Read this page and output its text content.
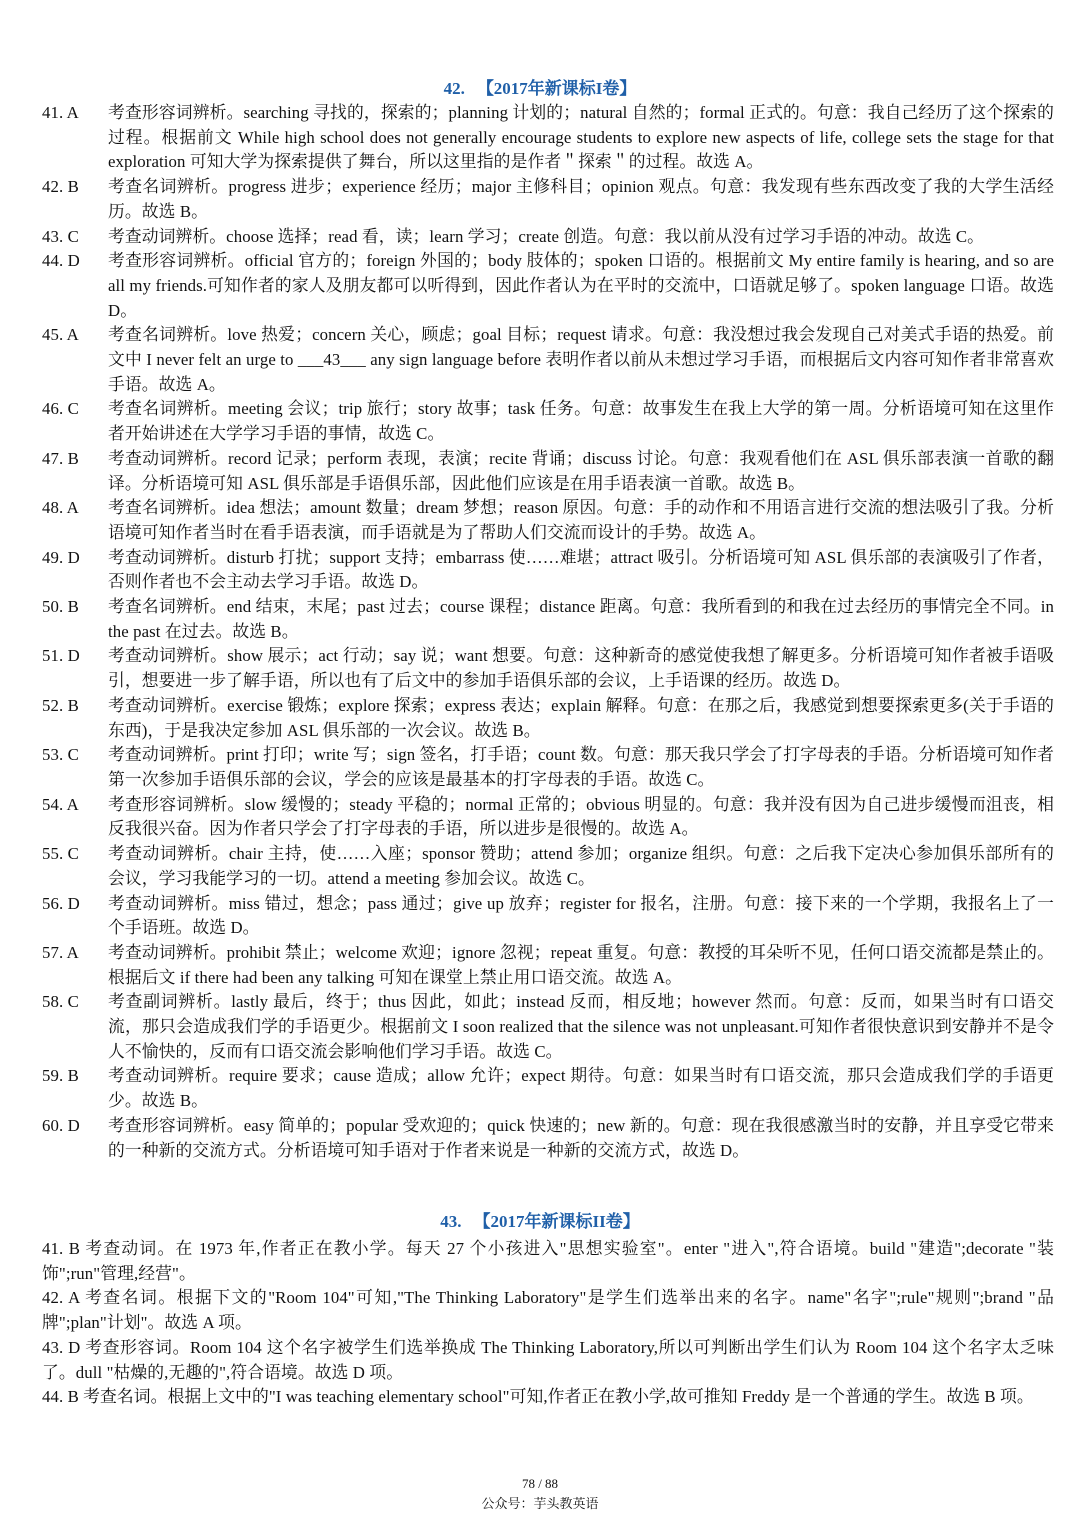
42. 【2017年新课标I卷】
41. A 考查形容词辨析。searching 寻找的，探索的；planning 计划的；natural 自然的；formal 正式的。句意：我自己经历了这个探索的过程。根据前文 While high school does not generally encourage students to explore new aspects of life, college sets the stage for that exploration 可知大学为探索提供了舞台，所以这里指的是作者＂探索＂的过程。故选 A。
42. B 考查名词辨析。progress 进步；experience 经历；major 主修科目；opinion 观点。句意：我发现有些东西改变了我的大学生活经历。故选 B。
43. C 考查动词辨析。choose 选择；read 看，读；learn 学习；create 创造。句意：我以前从没有过学习手语的冲动。故选 C。
44. D 考查形容词辨析。official 官方的；foreign 外国的；body 肢体的；spoken 口语的。根据前文 My entire family is hearing, and so are all my friends.可知作者的家人及朋友都可以听得到，因此作者认为在平时的交流中，口语就足够了。spoken language 口语。故选 D。
45. A 考查名词辨析。love 热爱；concern 关心，顾虑；goal 目标；request 请求。句意：我没想过我会发现自己对美式手语的热爱。前文中 I never felt an urge to ___43___ any sign language before 表明作者以前从未想过学习手语，而根据后文内容可知作者非常喜欢手语。故选 A。
46. C 考查名词辨析。meeting 会议；trip 旅行；story 故事；task 任务。句意：故事发生在我上大学的第一周。分析语境可知在这里作者开始讲述在大学学习手语的事情，故选 C。
47. B 考查动词辨析。record 记录；perform 表现，表演；recite 背诵；discuss 讨论。句意：我观看他们在 ASL 俱乐部表演一首歌的翻译。分析语境可知 ASL 俱乐部是手语俱乐部，因此他们应该是在用手语表演一首歌。故选 B。
48. A 考查名词辨析。idea 想法；amount 数量；dream 梦想；reason 原因。句意：手的动作和不用语言进行交流的想法吸引了我。分析语境可知作者当时在看手语表演，而手语就是为了帮助人们交流而设计的手势。故选 A。
49. D 考查动词辨析。disturb 打扰；support 支持；embarrass 使……难堪；attract 吸引。分析语境可知 ASL 俱乐部的表演吸引了作者，否则作者也不会主动去学习手语。故选 D。
50. B 考查名词辨析。end 结束，末尾；past 过去；course 课程；distance 距离。句意：我所看到的和我在过去经历的事情完全不同。in the past 在过去。故选 B。
51. D 考查动词辨析。show 展示；act 行动；say 说；want 想要。句意：这种新奇的感觉使我想了解更多。分析语境可知作者被手语吸引，想要进一步了解手语，所以也有了后文中的参加手语俱乐部的会议，上手语课的经历。故选 D。
52. B 考查动词辨析。exercise 锻炼；explore 探索；express 表达；explain 解释。句意：在那之后，我感觉到想要探索更多(关于手语的东西)，于是我决定参加 ASL 俱乐部的一次会议。故选 B。
53. C 考查动词辨析。print 打印；write 写；sign 签名，打手语；count 数。句意：那天我只学会了打字母表的手语。分析语境可知作者第一次参加手语俱乐部的会议，学会的应该是最基本的打字母表的手语。故选 C。
54. A 考查形容词辨析。slow 缓慢的；steady 平稳的；normal 正常的；obvious 明显的。句意：我并没有因为自己进步缓慢而沮丧，相反我很兴奋。因为作者只学会了打字母表的手语，所以进步是很慢的。故选 A。
55. C 考查动词辨析。chair 主持，使……入座；sponsor 赞助；attend 参加；organize 组织。句意：之后我下定决心参加俱乐部所有的会议，学习我能学习的一切。attend a meeting 参加会议。故选 C。
56. D 考查动词辨析。miss 错过，想念；pass 通过；give up 放弃；register for 报名，注册。句意：接下来的一个学期，我报名上了一个手语班。故选 D。
57. A 考查动词辨析。prohibit 禁止；welcome 欢迎；ignore 忽视；repeat 重复。句意：教授的耳朵听不见，任何口语交流都是禁止的。根据后文 if there had been any talking 可知在课堂上禁止用口语交流。故选 A。
58. C 考查副词辨析。lastly 最后，终于；thus 因此，如此；instead 反而，相反地；however 然而。句意：反而，如果当时有口语交流，那只会造成我们学的手语更少。根据前文 I soon realized that the silence was not unpleasant.可知作者很快意识到安静并不是令人不愉快的，反而有口语交流会影响他们学习手语。故选 C。
59. B 考查动词辨析。require 要求；cause 造成；allow 允许；expect 期待。句意：如果当时有口语交流，那只会造成我们学的手语更少。故选 B。
60. D 考查形容词辨析。easy 简单的；popular 受欢迎的；quick 快速的；new 新的。句意：现在我很感激当时的安静，并且享受它带来的一种新的交流方式。分析语境可知手语对于作者来说是一种新的交流方式，故选 D。
43. 【2017年新课标II卷】
41. B 考查动词。在 1973 年,作者正在教小学。每天 27 个小孩进入"思想实验室"。enter "进入",符合语境。build "建造";decorate "装饰";run"管理,经营"。
42. A 考查名词。根据下文的"Room 104"可知,"The Thinking Laboratory"是学生们选举出来的名字。name"名字";rule"规则";brand "品牌";plan"计划"。故选 A 项。
43. D 考查形容词。Room 104 这个名字被学生们选举换成 The Thinking Laboratory,所以可判断出学生们认为 Room 104 这个名字太乏味了。dull "枯燥的,无趣的",符合语境。故选 D 项。
44. B 考查名词。根据上文中的"I was teaching elementary school"可知,作者正在教小学,故可推知 Freddy 是一个普通的学生。故选 B 项。
78 / 88
公众号：芋头教英语
